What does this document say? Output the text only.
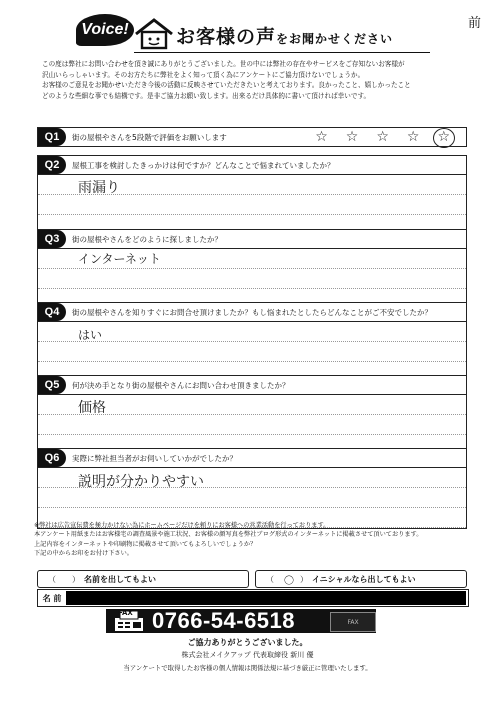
前
Voice! お客様の声をお聞かせください
この度は弊社にお問い合わせを頂き誠にありがとうございました。世の中には弊社の存在やサービスをご存知ないお客様が
沢山いらっしゃいます。そのお方たちに弊社をよく知って頂く為にアンケートにご協力頂けないでしょうか。
お客様のご意見をお聞かせいただき今後の活動に反映させていただきたいと考えております。良かったこと、嬉しかったこと
どのような些細な事でも結構です。是非ご協力お願い致します。出来るだけ具体的に書いて頂ければ幸いです。
Q1	街の屋根やさんを5段階で評価をお願いします	☆ ☆ ☆ ☆ ☆
Q2	屋根工事を検討したきっかけは何ですか？どんなことで悩まれていましたか？
雨漏り
Q3	街の屋根やさんをどのように探しましたか？
インターネット
Q4	街の屋根やさんを知りすぐにお問合せ頂けましたか？もし悩まれたとしたらどんなことがご不安でしたか？
はい
Q5	何が決め手となり街の屋根やさんにお問い合わせ頂きましたか？
価格
Q6	実際に弊社担当者がお伺いしていかがでしたか？
説明が分かりやすい
※弊社は広告宣伝費を極力かけない為にホームページだけを頼りにお客様への営業活動を行っております。
本アンケート用紙またはお客様宅の調査風景や施工状況、お客様の顔写真を弊社ブログ形式のインターネットに掲載させて頂いております。
上記内容をインターネットや印刷物に掲載させて頂いてもよろしいでしょうか？
下記の中からお印をお付け下さい。
（ ） 名前を出してもよい	（ 〇 ） イニシャルなら出してもよい
名 前
FAX 0766-54-6518	FAX
ご協力ありがとうございました。
株式会社メイクアップ 代表取締役 新川 優
当アンケートで取得したお客様の個人情報は関係法規に基づき厳正に管理いたします。
